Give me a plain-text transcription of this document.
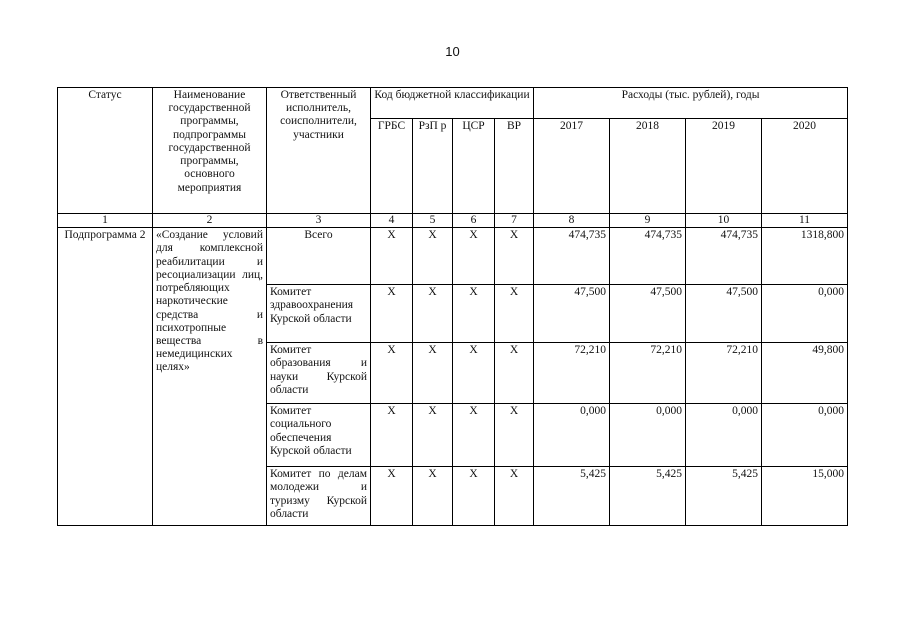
10
Статус	Наименование государственной программы, подпрограммы государственной программы, основного мероприятия	Ответственный исполнитель, соисполнители, участники	Код бюджетной классификации				Расходы (тыс. рублей), годы			
			ГРБС	РзП р	ЦСР	ВР	2017	2018	2019	2020
1	2	3	4	5	6	7	8	9	10	11
Подпрограмма 2	«Создание условий для комплексной реабилитации и ресоциализации лиц, потребляющих наркотические средства и психотропные вещества в немедицинских целях»	Всего	Х	Х	Х	Х	474,735	474,735	474,735	1318,800
		Комитет здравоохранения Курской области	Х	Х	Х	Х	47,500	47,500	47,500	0,000
		Комитет образования и науки Курской области	Х	Х	Х	Х	72,210	72,210	72,210	49,800
		Комитет социального обеспечения Курской области	Х	Х	Х	Х	0,000	0,000	0,000	0,000
		Комитет по делам молодежи и туризму Курской области	Х	Х	Х	Х	5,425	5,425	5,425	15,000
